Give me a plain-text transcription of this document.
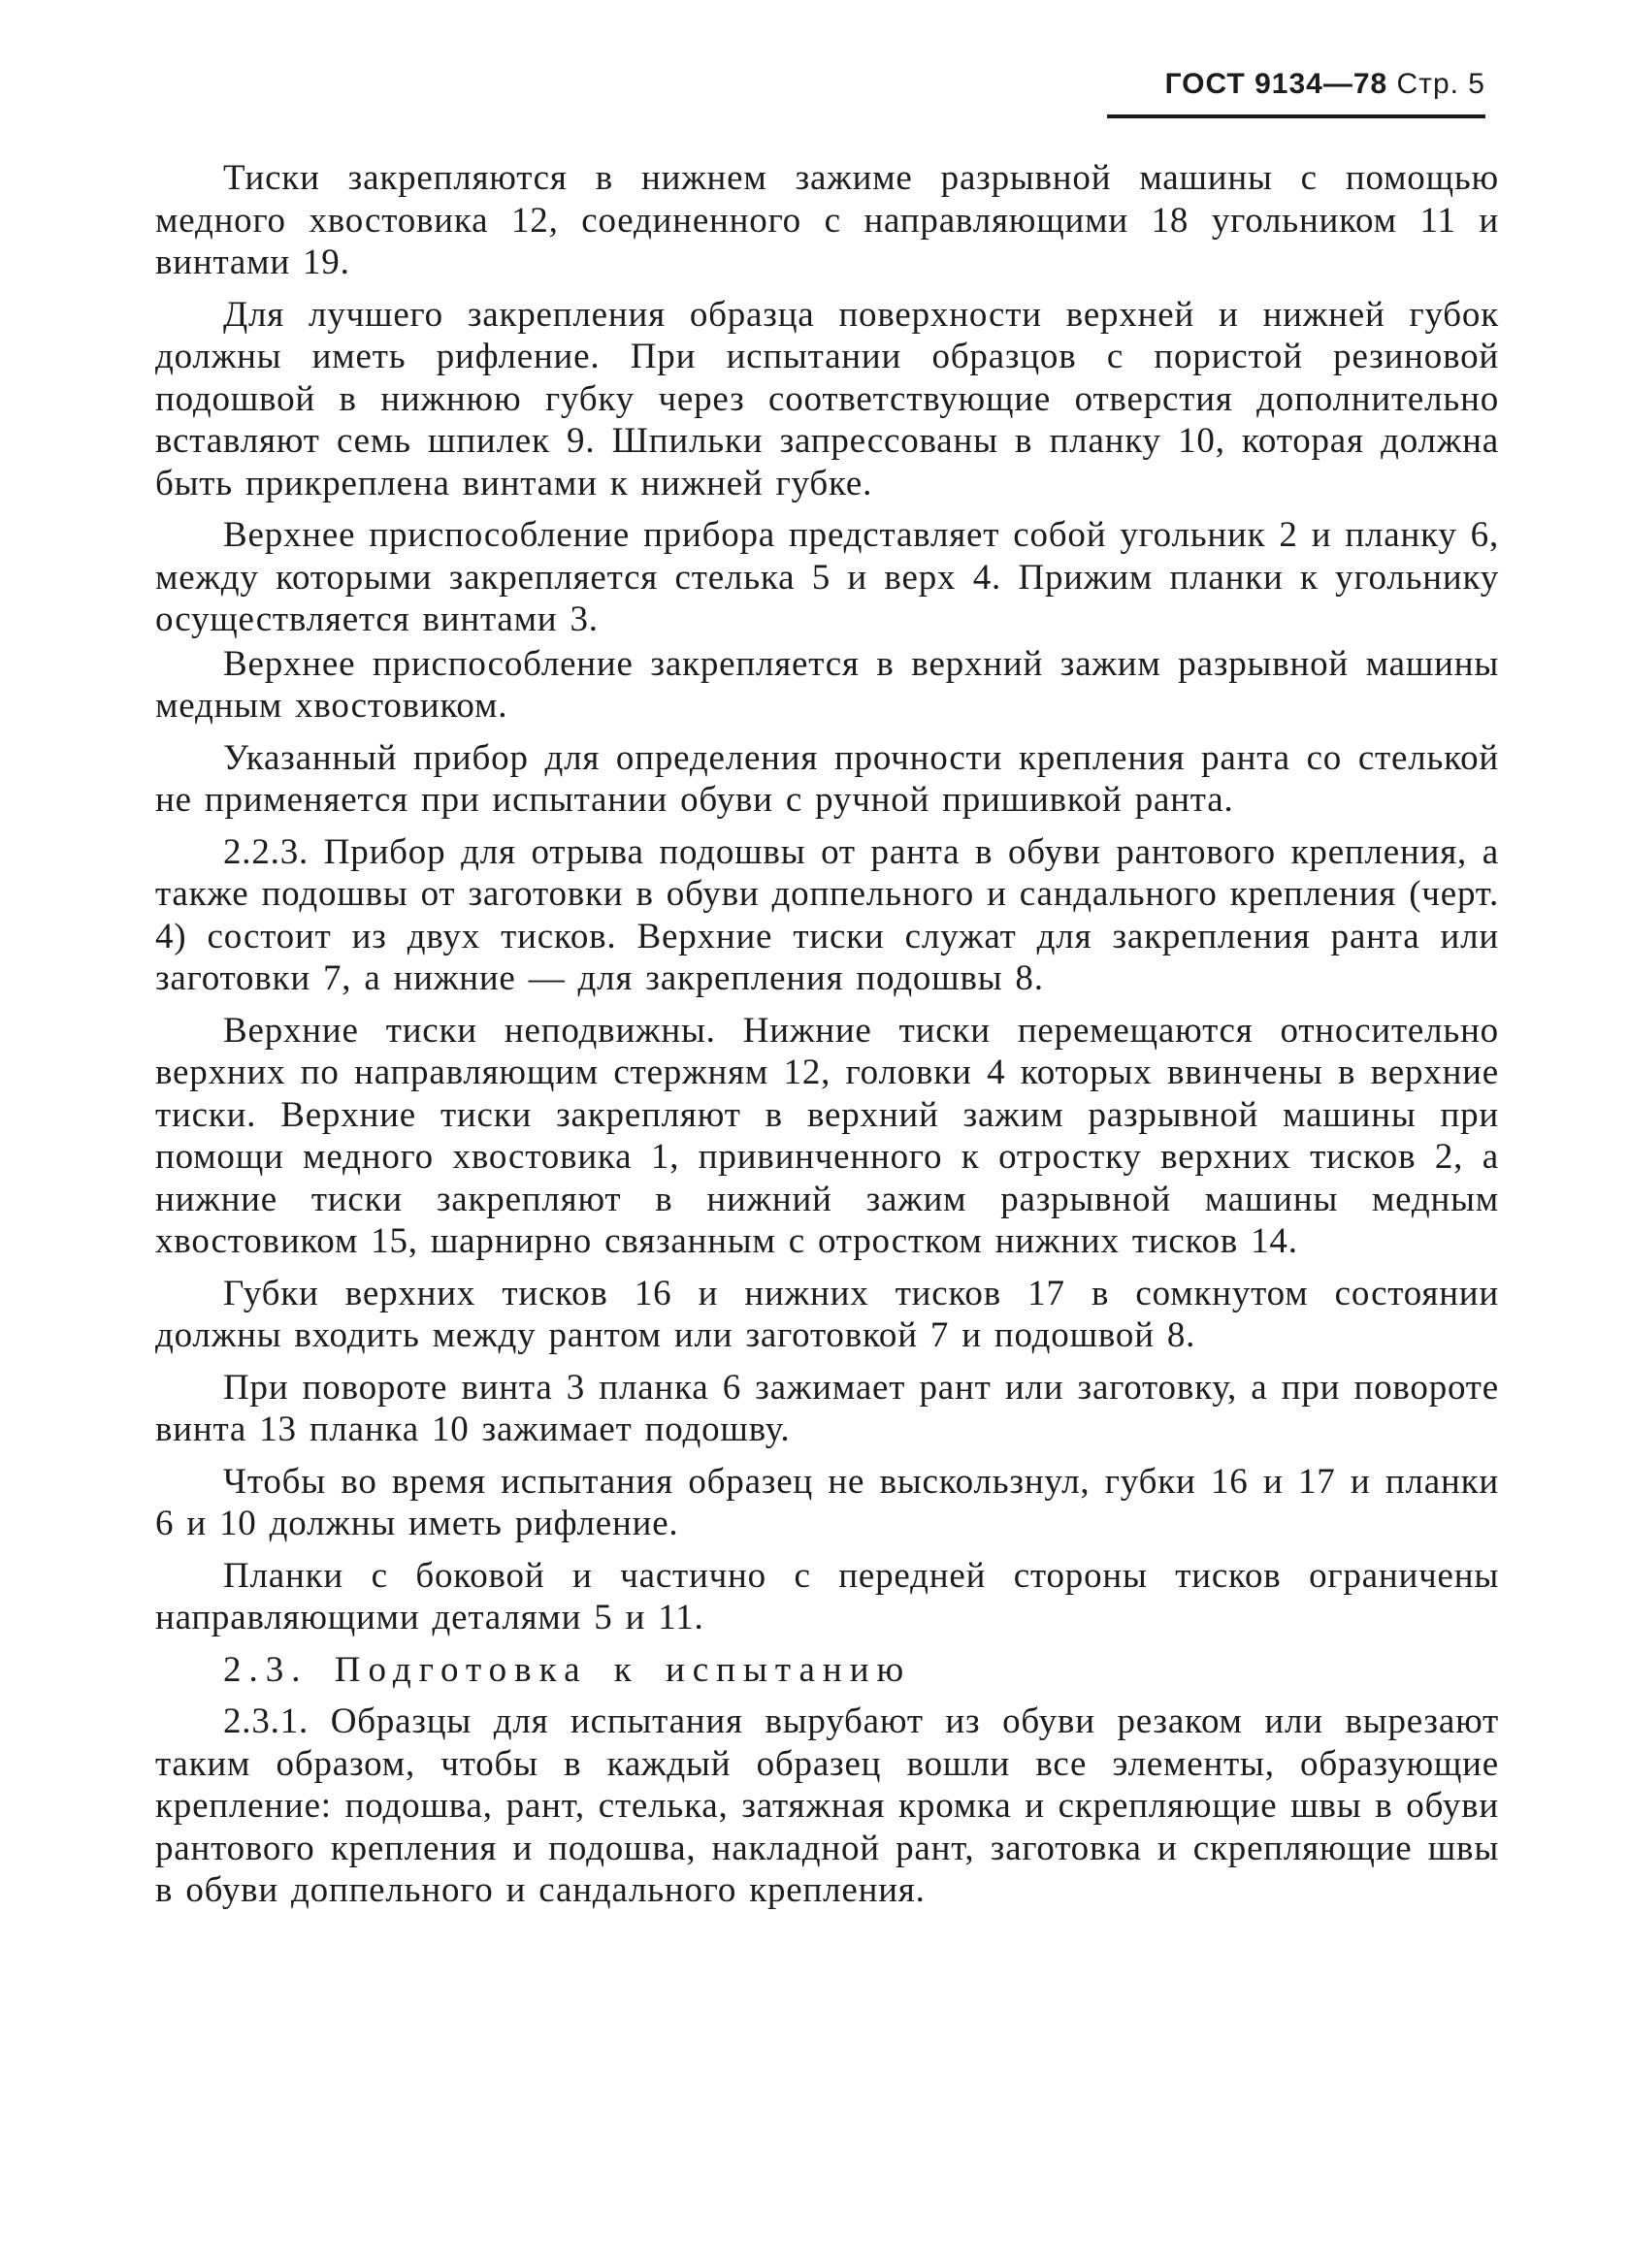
ГОСТ 9134—78 Стр. 5

Тиски закрепляются в нижнем зажиме разрывной машины с помощью медного хвостовика 12, соединенного с направляющими 18 угольником 11 и винтами 19.

Для лучшего закрепления образца поверхности верхней и нижней губок должны иметь рифление. При испытании образцов с пористой резиновой подошвой в нижнюю губку через соответствующие отверстия дополнительно вставляют семь шпилек 9. Шпильки запрессованы в планку 10, которая должна быть прикреплена винтами к нижней губке.

Верхнее приспособление прибора представляет собой угольник 2 и планку 6, между которыми закрепляется стелька 5 и верх 4. Прижим планки к угольнику осуществляется винтами 3.

Верхнее приспособление закрепляется в верхний зажим разрывной машины медным хвостовиком.

Указанный прибор для определения прочности крепления ранта со стелькой не применяется при испытании обуви с ручной пришивкой ранта.

2.2.3. Прибор для отрыва подошвы от ранта в обуви рантового крепления, а также подошвы от заготовки в обуви доппельного и сандального крепления (черт. 4) состоит из двух тисков. Верхние тиски служат для закрепления ранта или заготовки 7, а нижние — для закрепления подошвы 8.

Верхние тиски неподвижны. Нижние тиски перемещаются относительно верхних по направляющим стержням 12, головки 4 которых ввинчены в верхние тиски. Верхние тиски закрепляют в верхний зажим разрывной машины при помощи медного хвостовика 1, привинченного к отростку верхних тисков 2, а нижние тиски закрепляют в нижний зажим разрывной машины медным хвостовиком 15, шарнирно связанным с отростком нижних тисков 14.

Губки верхних тисков 16 и нижних тисков 17 в сомкнутом состоянии должны входить между рантом или заготовкой 7 и подошвой 8.

При повороте винта 3 планка 6 зажимает рант или заготовку, а при повороте винта 13 планка 10 зажимает подошву.

Чтобы во время испытания образец не выскользнул, губки 16 и 17 и планки 6 и 10 должны иметь рифление.

Планки с боковой и частично с передней стороны тисков ограничены направляющими деталями 5 и 11.

2.3. Подготовка к испытанию

2.3.1. Образцы для испытания вырубают из обуви резаком или вырезают таким образом, чтобы в каждый образец вошли все элементы, образующие крепление: подошва, рант, стелька, затяжная кромка и скрепляющие швы в обуви рантового крепления и подошва, накладной рант, заготовка и скрепляющие швы в обуви доппельного и сандального крепления.
